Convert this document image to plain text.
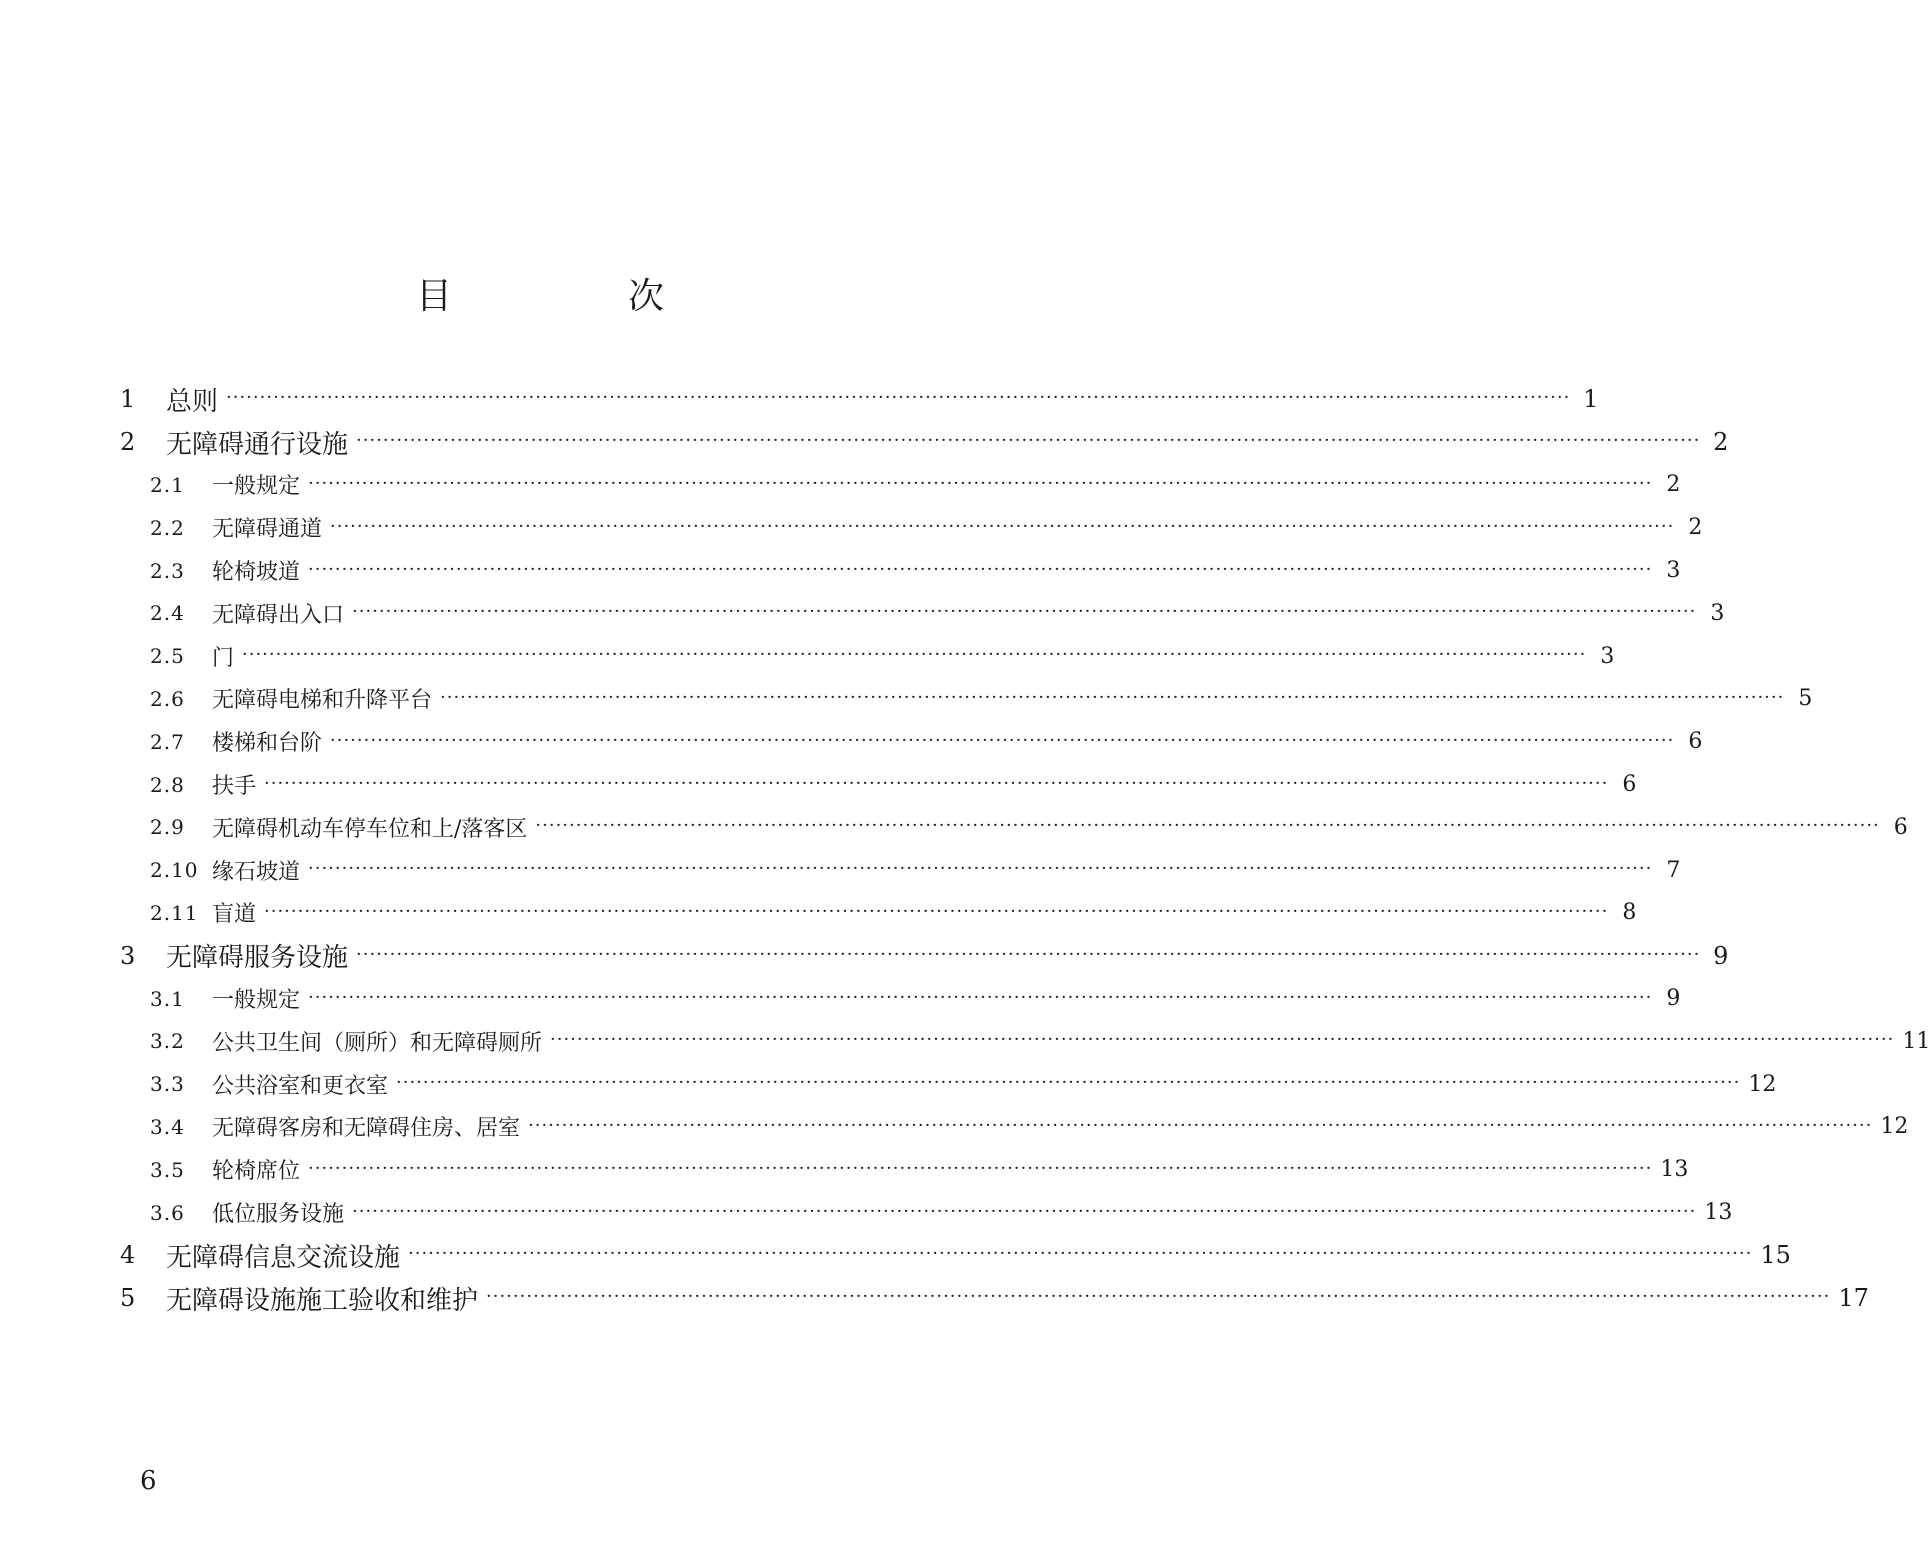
目　次
1	总则 ········································································································································································································ 1
2	无障碍通行设施 ········································································································································································································ 2
2.1	一般规定 ········································································································································································································ 2
2.2	无障碍通道 ········································································································································································································ 2
2.3	轮椅坡道 ········································································································································································································ 3
2.4	无障碍出入口 ········································································································································································································ 3
2.5	门 ········································································································································································································ 3
2.6	无障碍电梯和升降平台 ········································································································································································································ 5
2.7	楼梯和台阶 ········································································································································································································ 6
2.8	扶手 ········································································································································································································ 6
2.9	无障碍机动车停车位和上/落客区 ········································································································································································································ 6
2.10 缘石坡道 ········································································································································································································ 7
2.11 盲道 ········································································································································································································ 8
3	无障碍服务设施 ········································································································································································································ 9
3.1	一般规定 ········································································································································································································ 9
3.2	公共卫生间（厕所）和无障碍厕所 ········································································································································································································ 11
3.3	公共浴室和更衣室 ········································································································································································································ 12
3.4	无障碍客房和无障碍住房、居室 ········································································································································································································ 12
3.5	轮椅席位 ········································································································································································································ 13
3.6	低位服务设施 ········································································································································································································ 13
4	无障碍信息交流设施 ········································································································································································································ 15
5	无障碍设施施工验收和维护 ········································································································································································································ 17
6
